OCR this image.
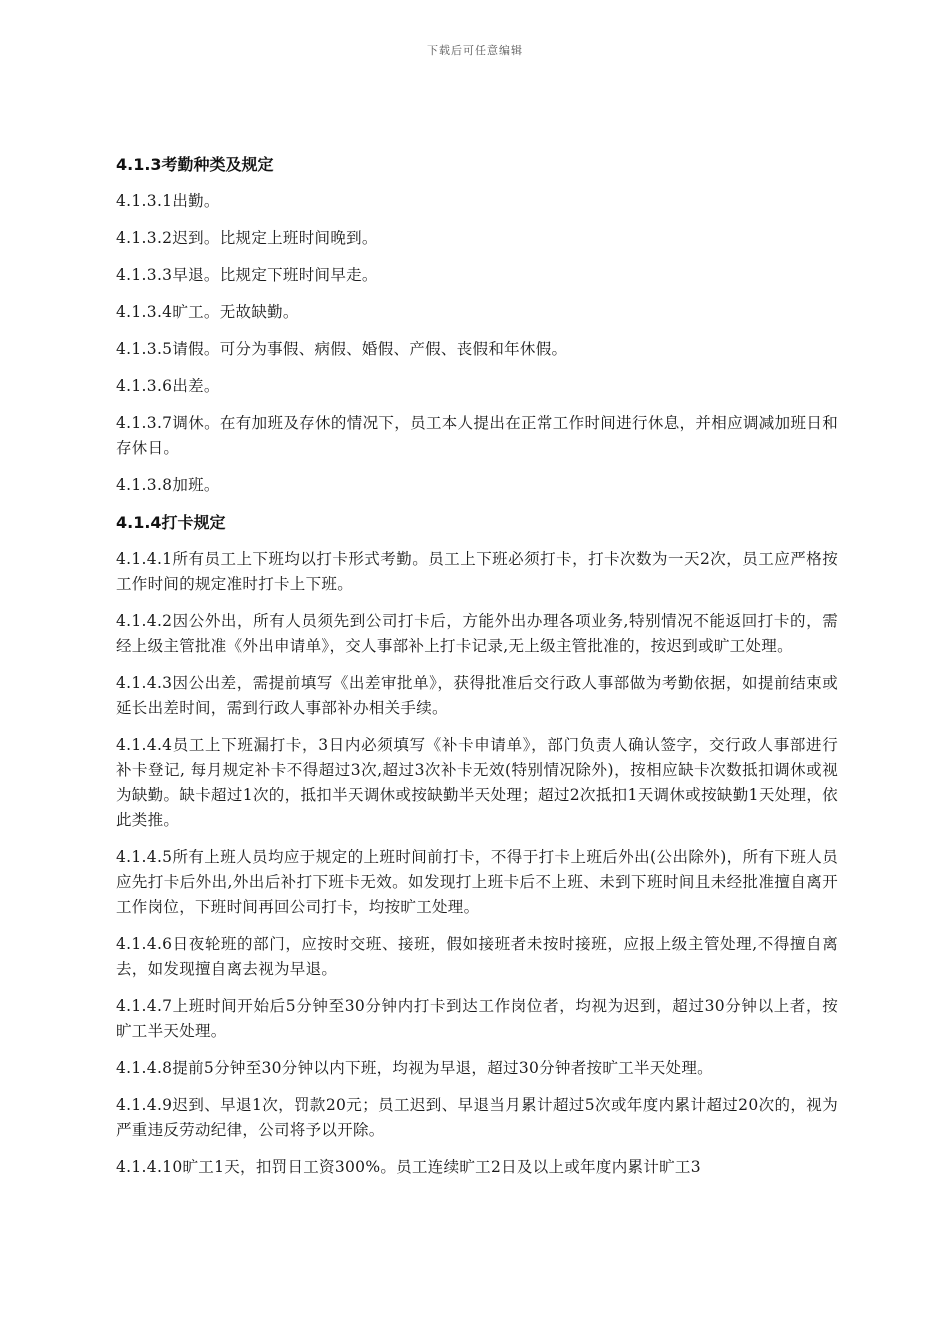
下载后可任意编辑
4.1.3考勤种类及规定

4.1.3.1出勤。

4.1.3.2迟到。比规定上班时间晚到。

4.1.3.3早退。比规定下班时间早走。

4.1.3.4旷工。无故缺勤。

4.1.3.5请假。可分为事假、病假、婚假、产假、丧假和年休假。

4.1.3.6出差。

4.1.3.7调休。在有加班及存休的情况下，员工本人提出在正常工作时间进行休息，并相应调减加班日和存休日。

4.1.3.8加班。

4.1.4打卡规定

4.1.4.1所有员工上下班均以打卡形式考勤。员工上下班必须打卡，打卡次数为一天2次，员工应严格按工作时间的规定准时打卡上下班。

4.1.4.2因公外出，所有人员须先到公司打卡后，方能外出办理各项业务,特别情况不能返回打卡的，需经上级主管批准《外出申请单》，交人事部补上打卡记录,无上级主管批准的，按迟到或旷工处理。

4.1.4.3因公出差，需提前填写《出差审批单》，获得批准后交行政人事部做为考勤依据，如提前结束或延长出差时间，需到行政人事部补办相关手续。

4.1.4.4员工上下班漏打卡，3日内必须填写《补卡申请单》，部门负责人确认签字，交行政人事部进行补卡登记, 每月规定补卡不得超过3次,超过3次补卡无效(特别情况除外)，按相应缺卡次数抵扣调休或视为缺勤。缺卡超过1次的，抵扣半天调休或按缺勤半天处理；超过2次抵扣1天调休或按缺勤1天处理，依此类推。

4.1.4.5所有上班人员均应于规定的上班时间前打卡，不得于打卡上班后外出(公出除外)，所有下班人员应先打卡后外出,外出后补打下班卡无效。如发现打上班卡后不上班、未到下班时间且未经批准擅自离开工作岗位，下班时间再回公司打卡，均按旷工处理。

4.1.4.6日夜轮班的部门，应按时交班、接班，假如接班者未按时接班，应报上级主管处理,不得擅自离去，如发现擅自离去视为早退。

4.1.4.7上班时间开始后5分钟至30分钟内打卡到达工作岗位者，均视为迟到，超过30分钟以上者，按旷工半天处理。

4.1.4.8提前5分钟至30分钟以内下班，均视为早退，超过30分钟者按旷工半天处理。

4.1.4.9迟到、早退1次，罚款20元；员工迟到、早退当月累计超过5次或年度内累计超过20次的，视为严重违反劳动纪律，公司将予以开除。

4.1.4.10旷工1天，扣罚日工资300%。员工连续旷工2日及以上或年度内累计旷工3
